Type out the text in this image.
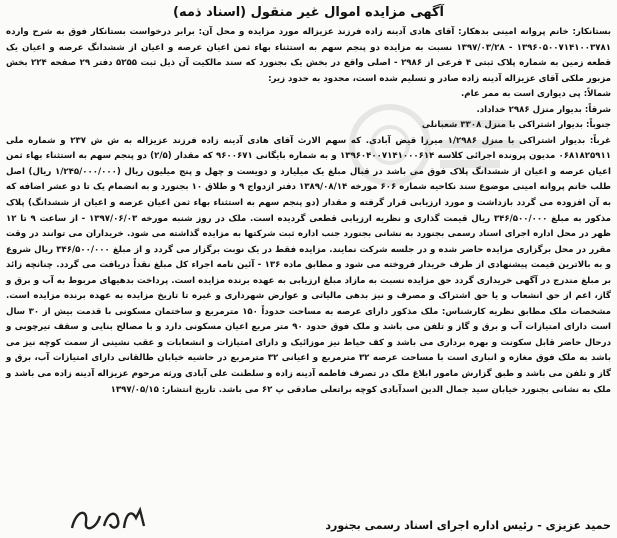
آگهی مزایده اموال غیر منقول (اسناد ذمه)

بستانکار: خانم پروانه امینی بدهکار: آقای هادی آدینه زاده فرزند عزیزاله مورد مزایده و محل آن: برابر درخواست بستانکار فوق به شرح وارده ۱۳۹۶۰۵۰۰۷۱۴۱۰۰۳۷۸۱ - ۱۳۹۷/۰۳/۲۸ نسبت به مزایده دو پنجم سهم به استثناء بهاء ثمن اعیان عرصه و اعیان از ششدانگ عرصه و اعیان یک قطعه زمین به شماره پلاک ثبتی ۴ فرعی از ۲۹۸۶ - اصلی واقع در بخش یک بجنورد که سند مالکیت آن ذیل ثبت ۵۲۵۵ دفتر ۲۹ صفحه ۲۲۴ بخش مزبور ملکی آقای عزیزاله آدینه زاده صادر و تسلیم شده است، محدود به حدود زیر:

شمالاً: پی دیواری است به ممر عام.

شرقاً: بدیوار منزل ۲۹۸۶ خداداد.

جنوباً: بدیوار اشتراکی با منزل ۳۳۰۸ شعبانلی

غرباً: بدیوار اشتراکی با منزل ۱/۲۹۸۶ میرزا قیض آبادی. که سهم الارث آقای هادی آدینه زاده فرزند عزیزاله به ش ش ۲۳۷ و شماره ملی ۰۶۸۱۸۲۵۹۱۱ مدیون پرونده اجرائی کلاسه ۱۳۹۶۰۴۰۰۷۱۴۱۰۰۰۶۱۴ و به شماره بایگانی ۹۶۰۰۶۷۱ که مقدار (۲/۵) دو پنجم سهم به استثناء بهاء ثمن اعیان عرصه و اعیان از ششدانگ پلاک فوق می باشد در قبال مبلغ یک میلیارد و دویست و چهل و پنج میلیون ریال (۱/۲۴۵/۰۰۰/۰۰۰ ریال) اصل طلب خانم پروانه امینی موضوع سند نکاحیه شماره ۶۰۶ مورخه ۱۳۸۹/۰۸/۱۴ دفتر ازدواج ۹ و طلاق ۱۰ بجنورد و به انضمام یک تا دو عشر اضافه که به آن افزوده می گردد بازداشت و مورد ارزیابی قرار گرفته و مقدار (دو پنجم سهم به استثناء بهاء ثمن اعیان عرصه و اعیان از ششدانگ) پلاک مذکور به مبلغ ۳۴۶/۵۰۰/۰۰۰ ریال قیمت گذاری و نظریه ارزیابی قطعی گردیده است. ملک در روز شنبه مورخه ۱۳۹۷/۰۶/۰۳ - از ساعت ۹ تا ۱۲ ظهر در محل اداره اجرای اسناد رسمی بجنورد به نشانی بجنورد جنب اداره ثبت شرکتها به مزایده گذاشته می شود. خریداران می توانند در وقت مقرر در محل برگزاری مزایده حاضر شده و در جلسه شرکت نمایند. مزایده فقط در یک نوبت برگزار می گردد و از مبلغ ۳۴۶/۵۰۰/۰۰۰ ریال شروع و به بالاترین قیمت پیشنهادی از طرف خریدار فروخته می شود و مطابق ماده ۱۳۶ - آئین نامه اجراء کل مبلغ نقداً دریافت می گردد. چنانچه زائد بر مبلغ مندرج در آگهی خریداری گردد حق مزایده نسبت به مازاد مبلغ ارزیابی به عهده برنده مزایده است. پرداخت بدهیهای مربوط به آب و برق و گاز، اعم از حق انشعاب و یا حق اشتراک و مصرف و نیز بدهی مالیاتی و عوارض شهرداری و غیره تا تاریخ مزایده به عهده برنده مزایده است. مشخصات ملک مطابق نظریه کارشناس: ملک مذکور دارای عرصه به مساحت حدوداً ۱۵۰ مترمربع و ساختمان مسکونی با قدمت بیش از ۳۰ سال است دارای امتیازات آب و برق و گاز و تلفن می باشد و ملک فوق حدود ۹۰ متر مربع اعیان مسکونی دارد و با مصالح بنایی و سقف تیرچوبی و درحال حاضر قابل سکونت و بهره برداری می باشد و کف حیاط نیز موزائیک و دارای امتیازات و انشعابات و عقب نشینی از سمت کوچه نیز می باشد به ملک فوق مغازه و انباری است با مساحت عرصه ۳۲ مترمربع و اعیانی ۳۲ مترمربع در حاشیه خیابان طالقانی دارای امتیازات آب، برق و گاز و تلفن می باشد و طبق گزارش مامور ابلاغ ملک در تصرف فاطمه آدینه زاده و سلطنت علی آبادی ورثه مرحوم عزیزاله آدینه زاده می باشد و ملک به نشانی بجنورد خیابان سید جمال الدین اسدآبادی کوچه براتعلی صادقی پ ۶۲ می باشد. تاریخ انتشار: ۱۳۹۷/۰۵/۱۵

حمید عزیزی - رئیس اداره اجرای اسناد رسمی بجنورد
